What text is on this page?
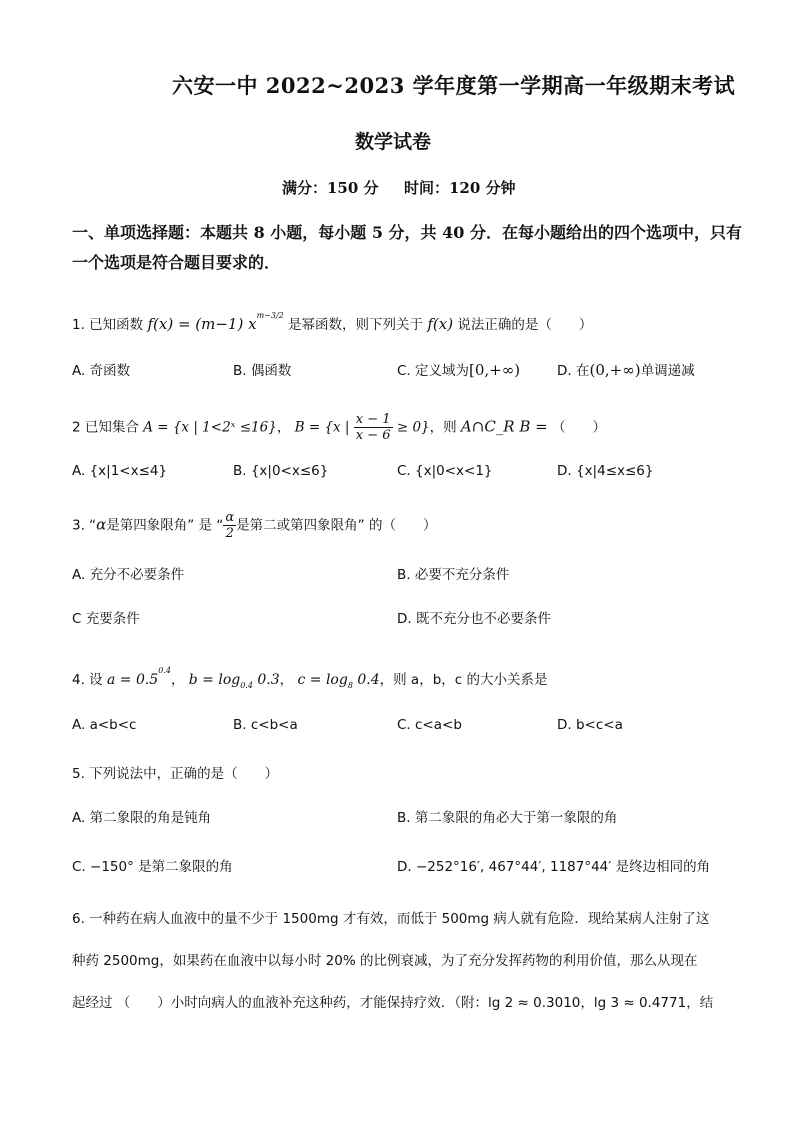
六安一中 2022~2023 学年度第一学期高一年级期末考试
数学试卷
满分：150 分 时间：120 分钟
一、单项选择题：本题共 8 小题，每小题 5 分，共 40 分．在每小题给出的四个选项中，只有
一个选项是符合题目要求的．
1. 已知函数 f(x) = (m−1) $x^{m-3/2}$ 是幂函数，则下列关于 f(x) 说法正确的是（　　）
A. 奇函数	B. 偶函数	C. 定义域为[0,+∞)	D. 在(0,+∞)单调递减
2 已知集合 A = {x | 1<2ˣ ≤16}， B = {x | $\frac{x - 1}{x - 6} \ge 0$}，则 A∩C_R B = （　　）
A. {x|1<x≤4}	B. {x|0<x≤6}	C. {x|0<x<1}	D. {x|4≤x≤6}
3. “α是第四象限角” 是 “ $\frac{\alpha}{2}$ 是第二或第四象限角” 的（　　）
A. 充分不必要条件	B. 必要不充分条件
C 充要条件	D. 既不充分也不必要条件
4. 设 $a = 0.5^{0.4}$， $b = \log_{0.4} 0.3$， $c = \log_8 0.4$，则 a，b，c 的大小关系是
A. a<b<c	B. c<b<a	C. c<a<b	D. b<c<a
5. 下列说法中，正确的是（　　）
A. 第二象限的角是钝角	B. 第二象限的角必大于第一象限的角
C. −150° 是第二象限的角	D. −252°16′, 467°44′, 1187°44′ 是终边相同的角
6. 一种药在病人血液中的量不少于 1500mg 才有效，而低于 500mg 病人就有危险．现给某病人注射了这
种药 2500mg，如果药在血液中以每小时 20% 的比例衰减，为了充分发挥药物的利用价值，那么从现在
起经过 （　　）小时向病人的血液补充这种药，才能保持疗效．（附：lg 2 ≈ 0.3010，lg 3 ≈ 0.4771，结
